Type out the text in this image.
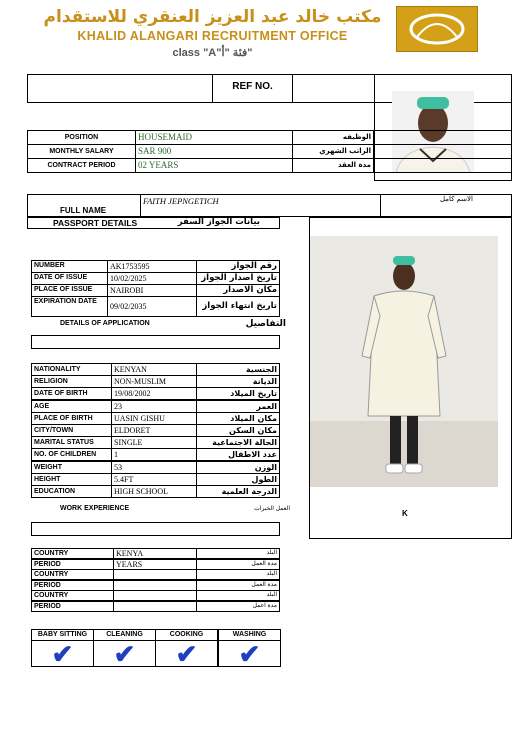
مكتب خالد عبد العزيز العنقري للاستقدام
KHALID ALANGARI RECRUITMENT OFFICE
class "A"فئة "أ"
REF NO.
POSITION	HOUSEMAID	الوظيفه
MONTHLY SALARY	SAR 900	الراتب الشهري
CONTRACT PERIOD	02 YEARS	مدة العقد
FULL NAME
FAITH JEPNGETICH	الاسم كامل
PASSPORT DETAILS	بيانات الجواز السفر
NUMBER	AK1753595	رقم الجواز
DATE OF ISSUE	10/02/2025	تاريخ اصدار الجواز
PLACE OF ISSUE	NAIROBI	مكان الاصدار
EXPIRATION DATE
09/02/2035	تاريخ انتهاء الجواز
DETAILS OF APPLICATION	التفاصيل
NATIONALITY	KENYAN	الجنسية
RELIGION	NON-MUSLIM	الديانة
DATE OF BIRTH	19/08/2002	تاريخ الميلاد
AGE	23	العمر
PLACE OF BIRTH	UASIN GISHU	مكان الميلاد
CITY/TOWN	ELDORET	مكان السكن
MARITAL STATUS	SINGLE	الحالة الاجتماعية
NO. OF CHILDREN	1	عدد الاطفال
WEIGHT	53	الوزن
HEIGHT	5.4FT	الطول
EDUCATION	HIGH SCHOOL	الدرجة العلمية
WORK EXPERIENCE	العمل الخبرات	K
COUNTRY	KENYA	البلد
PERIOD	YEARS	مدة العمل
COUNTRY	البلد
PERIOD	مدة العمل
COUNTRY	البلد
PERIOD	مدة اعمل
BABY SITTING
✔
CLEANING
✔
COOKING
✔
WASHING
✔
